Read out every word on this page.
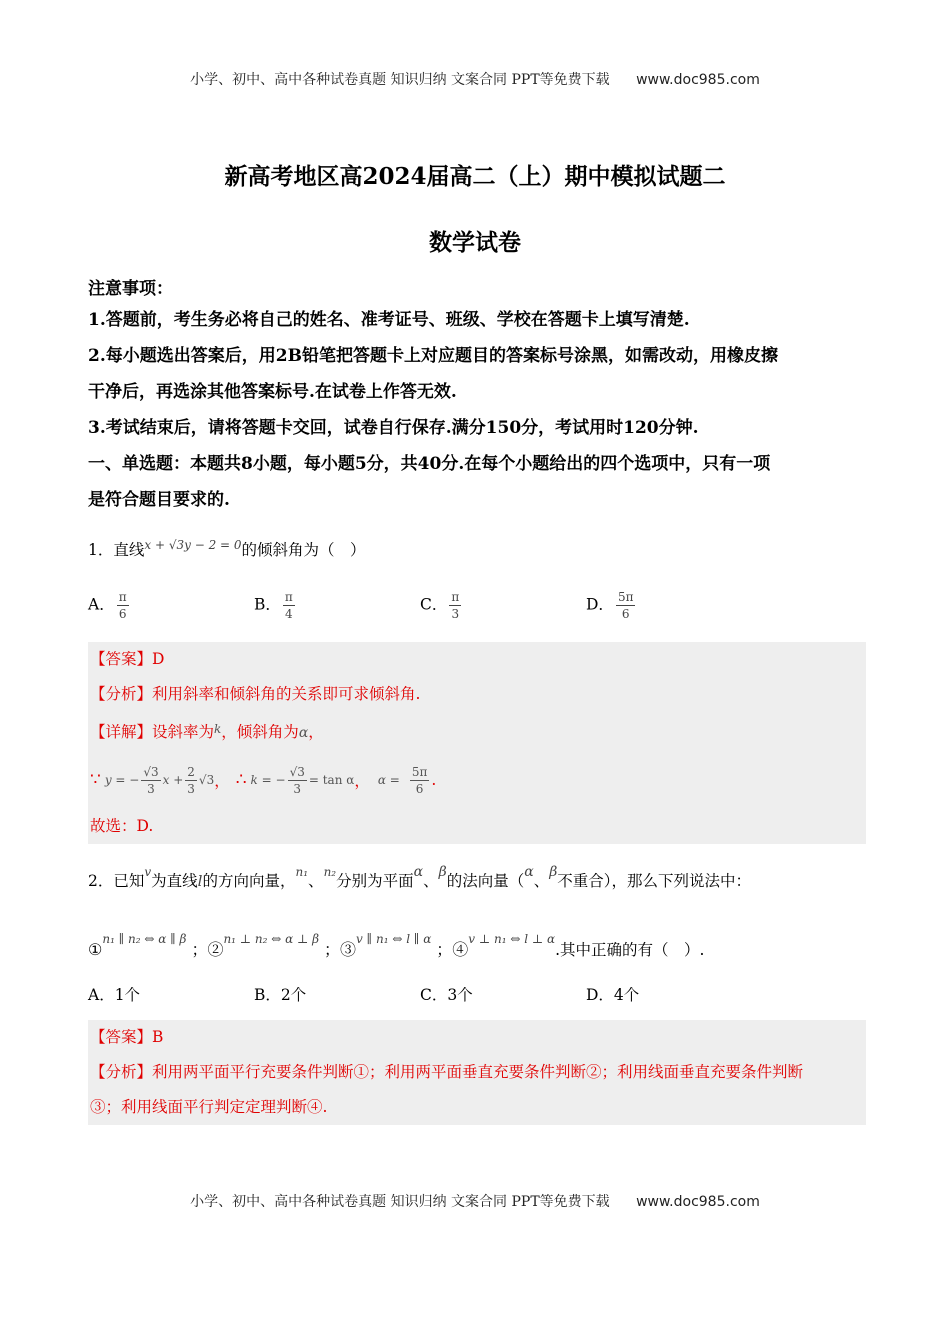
小学、初中、高中各种试卷真题 知识归纳 文案合同 PPT等免费下载 www.doc985.com
新高考地区高2024届高二（上）期中模拟试题二
数学试卷
注意事项：
1.答题前，考生务必将自己的姓名、准考证号、班级、学校在答题卡上填写清楚.
2.每小题选出答案后，用2B铅笔把答题卡上对应题目的答案标号涂黑，如需改动，用橡皮擦
干净后，再选涂其他答案标号.在试卷上作答无效.
3.考试结束后，请将答题卡交回，试卷自行保存.满分150分，考试用时120分钟.
一、单选题：本题共8小题，每小题5分，共40分.在每个小题给出的四个选项中，只有一项
是符合题目要求的.
1．直线$^{x + √3y - 2 = 0}$的倾斜角为（　）
A． $\frac{\pi}{6}$	B． $\frac{\pi}{4}$	C． $\frac{\pi}{3}$	D． $\frac{5\pi}{6}$
【答案】D
【分析】利用斜率和倾斜角的关系即可求倾斜角.
【详解】设斜率为$^k$，倾斜角为α，
∵ y = − $\frac{√3}{3}$ $x + \frac{2}{3} √3$ ， ∴ k = − $\frac{√3}{3} = \tan \alpha$ ， $\alpha = \frac{5\pi}{6}$ .
故选：D.
2．已知$^v$为直线l的方向向量，$^{n_1}$、$^{n_2}$分别为平面α、β的法向量（α、β不重合），那么下列说法中：
①$^{n_1 \parallel n_2 \Leftrightarrow \alpha \parallel \beta}$ ；②$^{n_1 \perp n_2 \Leftrightarrow \alpha \perp \beta}$ ；③$^{v \parallel n_1 \Leftrightarrow l \parallel \alpha}$ ；④$^{v \perp n_1 \Leftrightarrow l \perp \alpha}$.其中正确的有（　）.
A．1个	B．2个	C．3个	D．4个
【答案】B
【分析】利用两平面平行充要条件判断①；利用两平面垂直充要条件判断②；利用线面垂直充要条件判断
③；利用线面平行判定定理判断④.
小学、初中、高中各种试卷真题 知识归纳 文案合同 PPT等免费下载 www.doc985.com
